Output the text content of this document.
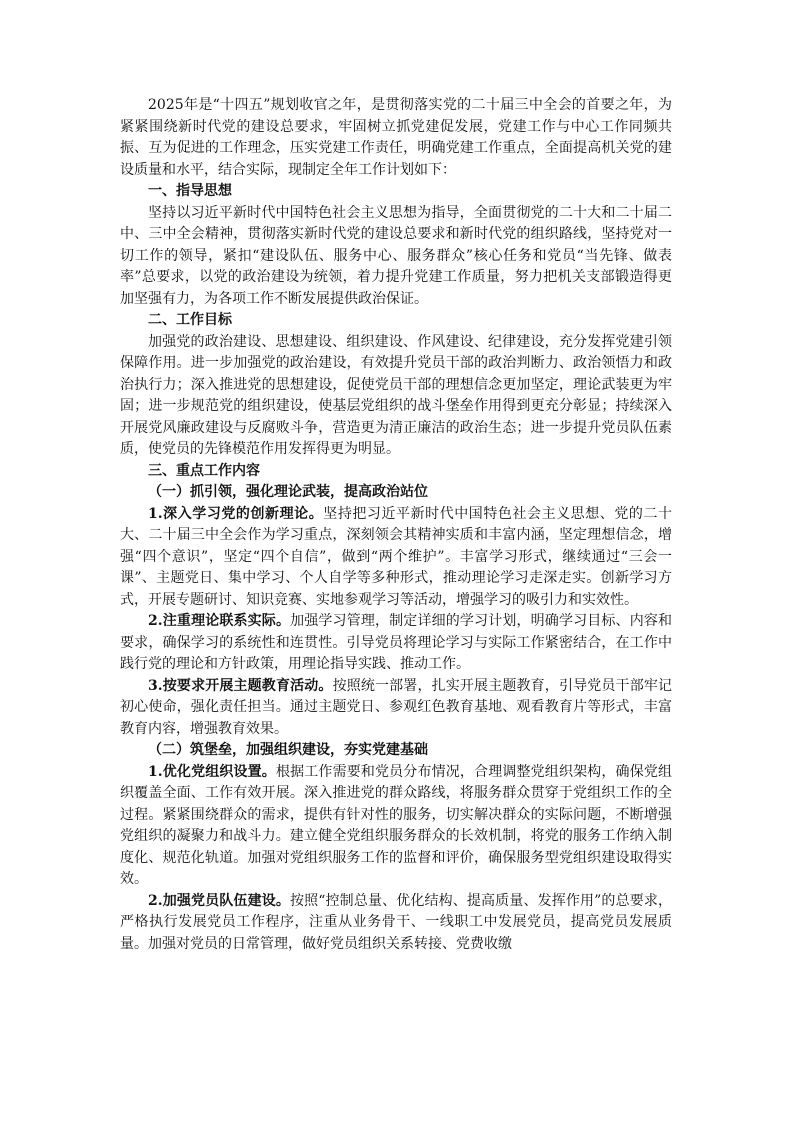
2025年是“十四五”规划收官之年，是贯彻落实党的二十届三中全会的首要之年，为紧紧围绕新时代党的建设总要求，牢固树立抓党建促发展，党建工作与中心工作同频共振、互为促进的工作理念，压实党建工作责任，明确党建工作重点，全面提高机关党的建设质量和水平，结合实际，现制定全年工作计划如下：

一、指导思想

坚持以习近平新时代中国特色社会主义思想为指导，全面贯彻党的二十大和二十届二中、三中全会精神，贯彻落实新时代党的建设总要求和新时代党的组织路线，坚持党对一切工作的领导，紧扣“建设队伍、服务中心、服务群众”核心任务和党员“当先锋、做表率”总要求，以党的政治建设为统领，着力提升党建工作质量，努力把机关支部锻造得更加坚强有力，为各项工作不断发展提供政治保证。

二、工作目标

加强党的政治建设、思想建设、组织建设、作风建设、纪律建设，充分发挥党建引领保障作用。进一步加强党的政治建设，有效提升党员干部的政治判断力、政治领悟力和政治执行力；深入推进党的思想建设，促使党员干部的理想信念更加坚定，理论武装更为牢固；进一步规范党的组织建设，使基层党组织的战斗堡垒作用得到更充分彰显；持续深入开展党风廉政建设与反腐败斗争，营造更为清正廉洁的政治生态；进一步提升党员队伍素质，使党员的先锋模范作用发挥得更为明显。

三、重点工作内容

（一）抓引领，强化理论武装，提高政治站位

1.深入学习党的创新理论。坚持把习近平新时代中国特色社会主义思想、党的二十大、二十届三中全会作为学习重点，深刻领会其精神实质和丰富内涵，坚定理想信念，增强“四个意识”，坚定“四个自信”，做到“两个维护”。丰富学习形式，继续通过“三会一课”、主题党日、集中学习、个人自学等多种形式，推动理论学习走深走实。创新学习方式，开展专题研讨、知识竞赛、实地参观学习等活动，增强学习的吸引力和实效性。

2.注重理论联系实际。加强学习管理，制定详细的学习计划，明确学习目标、内容和要求，确保学习的系统性和连贯性。引导党员将理论学习与实际工作紧密结合，在工作中践行党的理论和方针政策，用理论指导实践、推动工作。

3.按要求开展主题教育活动。按照统一部署，扎实开展主题教育，引导党员干部牢记初心使命，强化责任担当。通过主题党日、参观红色教育基地、观看教育片等形式，丰富教育内容，增强教育效果。

（二）筑堡垒，加强组织建设，夯实党建基础

1.优化党组织设置。根据工作需要和党员分布情况，合理调整党组织架构，确保党组织覆盖全面、工作有效开展。深入推进党的群众路线，将服务群众贯穿于党组织工作的全过程。紧紧围绕群众的需求，提供有针对性的服务，切实解决群众的实际问题，不断增强党组织的凝聚力和战斗力。建立健全党组织服务群众的长效机制，将党的服务工作纳入制度化、规范化轨道。加强对党组织服务工作的监督和评价，确保服务型党组织建设取得实效。

2.加强党员队伍建设。按照“控制总量、优化结构、提高质量、发挥作用”的总要求，严格执行发展党员工作程序，注重从业务骨干、一线职工中发展党员，提高党员发展质量。加强对党员的日常管理，做好党员组织关系转接、党费收缴
